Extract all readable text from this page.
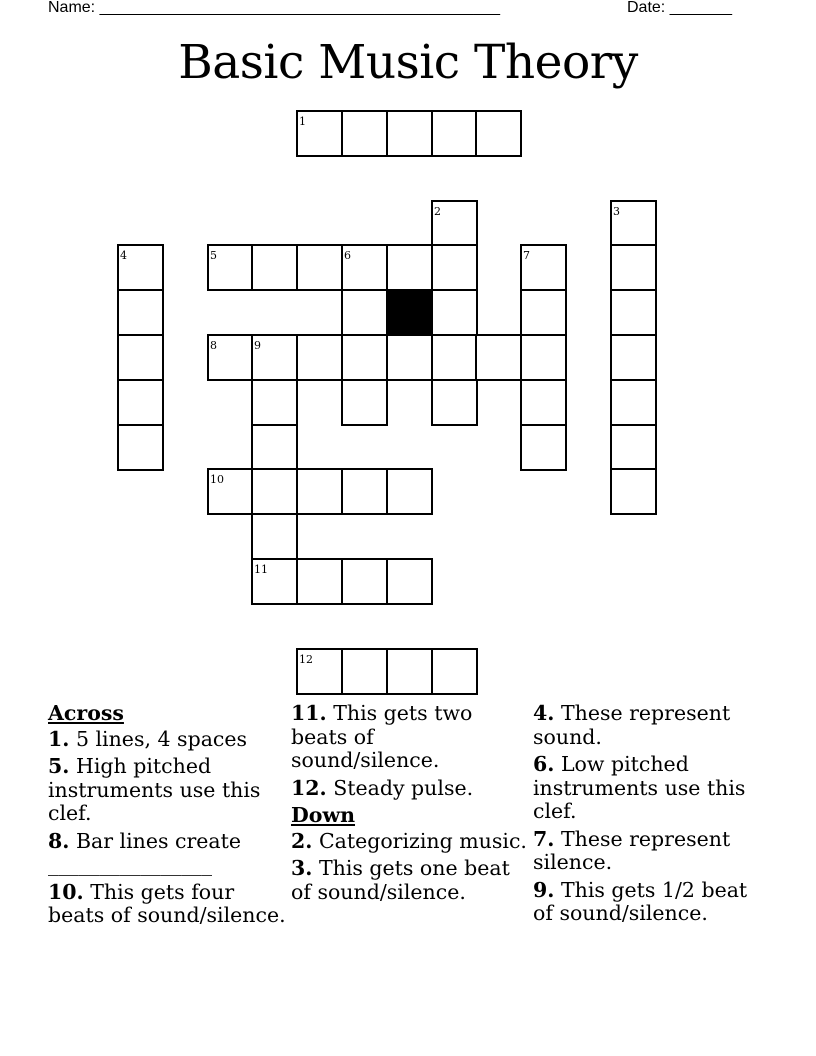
Name: _____________________________________________	Date: _______
Basic Music Theory
1
2	3
4	5	6	7
8	9
10
11
12
Across
1. 5 lines, 4 spaces
5. High pitched instruments use this clef.
8. Bar lines create ________________
10. This gets four beats of sound/silence.
11. This gets two beats of sound/silence.
12. Steady pulse.
Down
2. Categorizing music.
3. This gets one beat of sound/silence.
4. These represent sound.
6. Low pitched instruments use this clef.
7. These represent silence.
9. This gets 1/2 beat of sound/silence.
